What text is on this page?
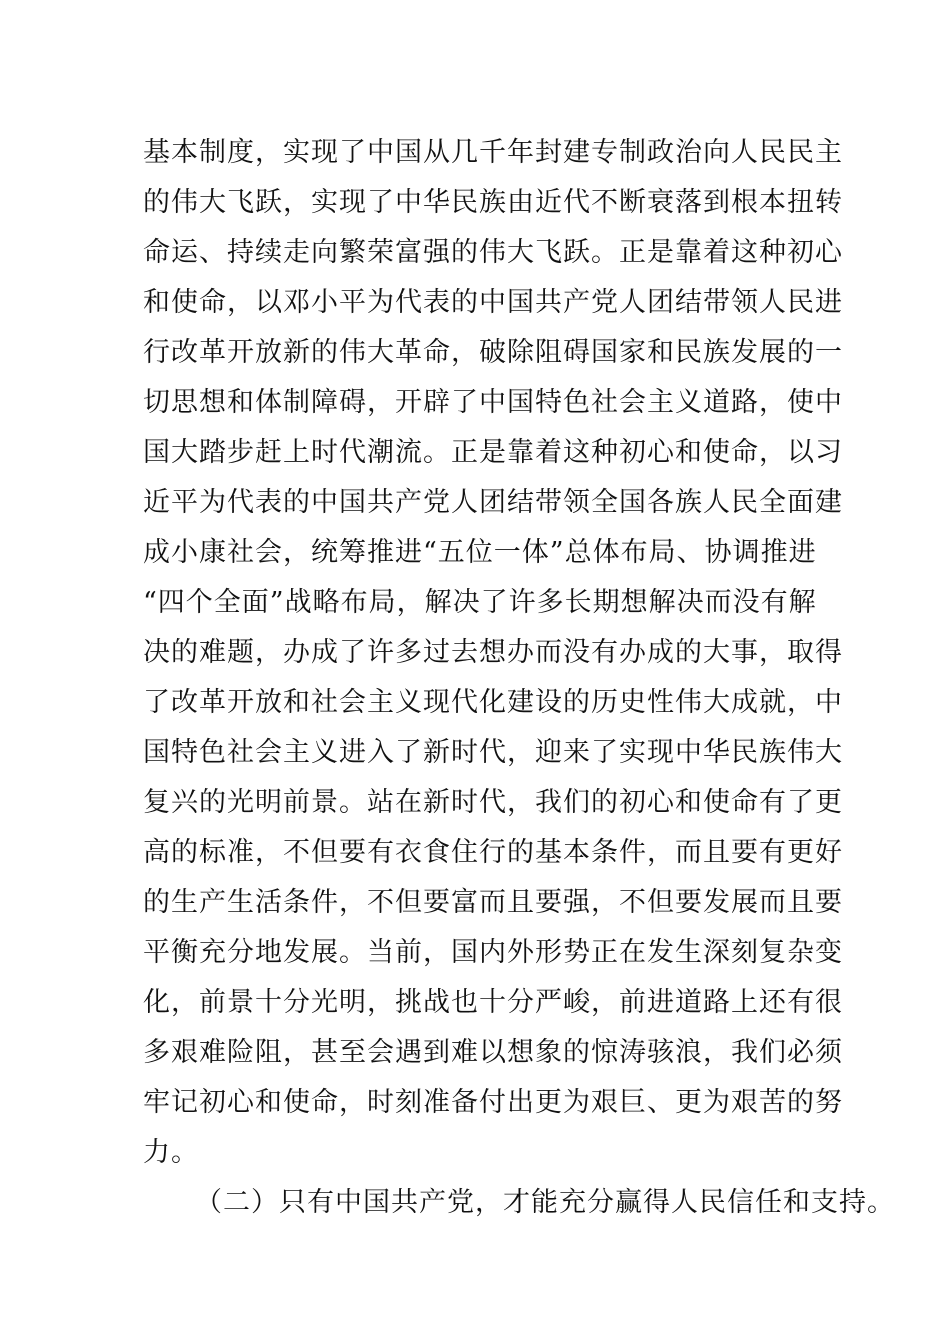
基本制度，实现了中国从几千年封建专制政治向人民民主
的伟大飞跃，实现了中华民族由近代不断衰落到根本扭转
命运、持续走向繁荣富强的伟大飞跃。正是靠着这种初心
和使命，以邓小平为代表的中国共产党人团结带领人民进
行改革开放新的伟大革命，破除阻碍国家和民族发展的一
切思想和体制障碍，开辟了中国特色社会主义道路，使中
国大踏步赶上时代潮流。正是靠着这种初心和使命，以习
近平为代表的中国共产党人团结带领全国各族人民全面建
成小康社会，统筹推进“五位一体”总体布局、协调推进
“四个全面”战略布局，解决了许多长期想解决而没有解
决的难题，办成了许多过去想办而没有办成的大事，取得
了改革开放和社会主义现代化建设的历史性伟大成就，中
国特色社会主义进入了新时代，迎来了实现中华民族伟大
复兴的光明前景。站在新时代，我们的初心和使命有了更
高的标准，不但要有衣食住行的基本条件，而且要有更好
的生产生活条件，不但要富而且要强，不但要发展而且要
平衡充分地发展。当前，国内外形势正在发生深刻复杂变
化，前景十分光明，挑战也十分严峻，前进道路上还有很
多艰难险阻，甚至会遇到难以想象的惊涛骇浪，我们必须
牢记初心和使命，时刻准备付出更为艰巨、更为艰苦的努
力。
（二）只有中国共产党，才能充分赢得人民信任和支持。
